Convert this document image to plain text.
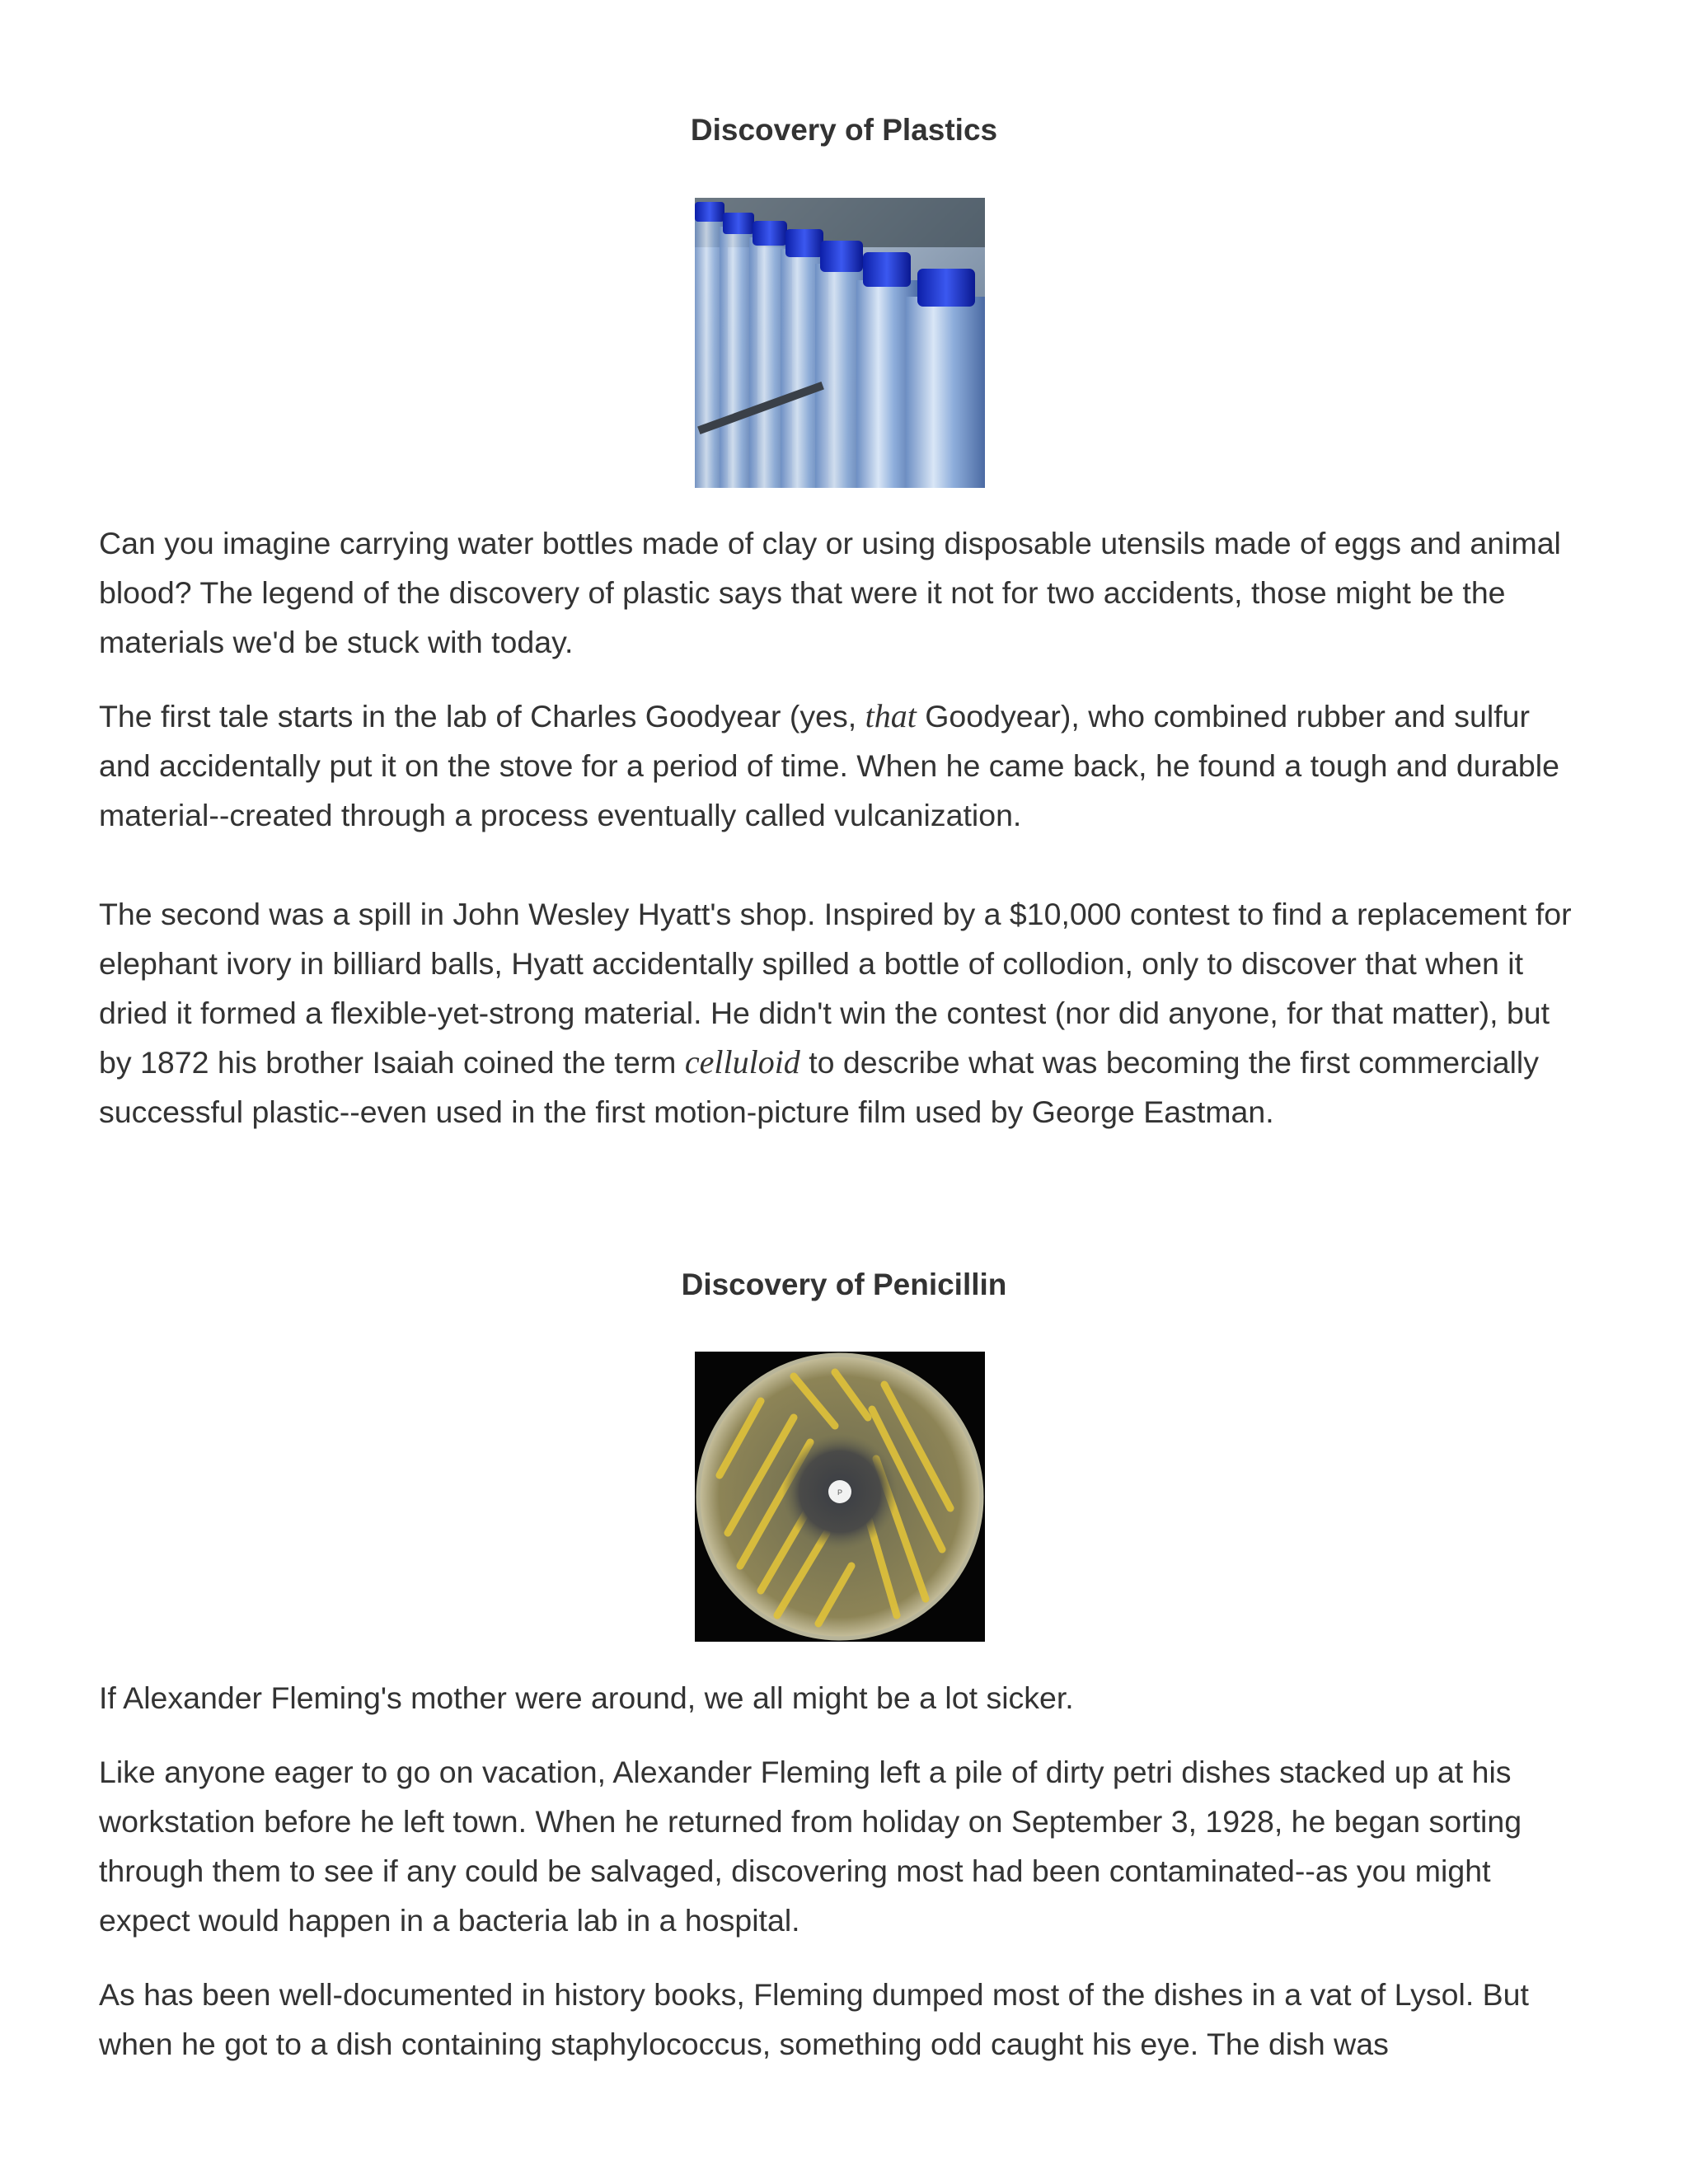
Discovery of Plastics

Can you imagine carrying water bottles made of clay or using disposable utensils made of eggs and animal blood? The legend of the discovery of plastic says that were it not for two accidents, those might be the materials we'd be stuck with today.

The first tale starts in the lab of Charles Goodyear (yes, that Goodyear), who combined rubber and sulfur and accidentally put it on the stove for a period of time. When he came back, he found a tough and durable material--created through a process eventually called vulcanization.

The second was a spill in John Wesley Hyatt's shop. Inspired by a $10,000 contest to find a replacement for elephant ivory in billiard balls, Hyatt accidentally spilled a bottle of collodion, only to discover that when it dried it formed a flexible-yet-strong material. He didn't win the contest (nor did anyone, for that matter), but by 1872 his brother Isaiah coined the term celluloid to describe what was becoming the first commercially successful plastic--even used in the first motion-picture film used by George Eastman.

Discovery of Penicillin
P

If Alexander Fleming's mother were around, we all might be a lot sicker.

Like anyone eager to go on vacation, Alexander Fleming left a pile of dirty petri dishes stacked up at his workstation before he left town. When he returned from holiday on September 3, 1928, he began sorting through them to see if any could be salvaged, discovering most had been contaminated--as you might expect would happen in a bacteria lab in a hospital.

As has been well-documented in history books, Fleming dumped most of the dishes in a vat of Lysol. But when he got to a dish containing staphylococcus, something odd caught his eye. The dish was
